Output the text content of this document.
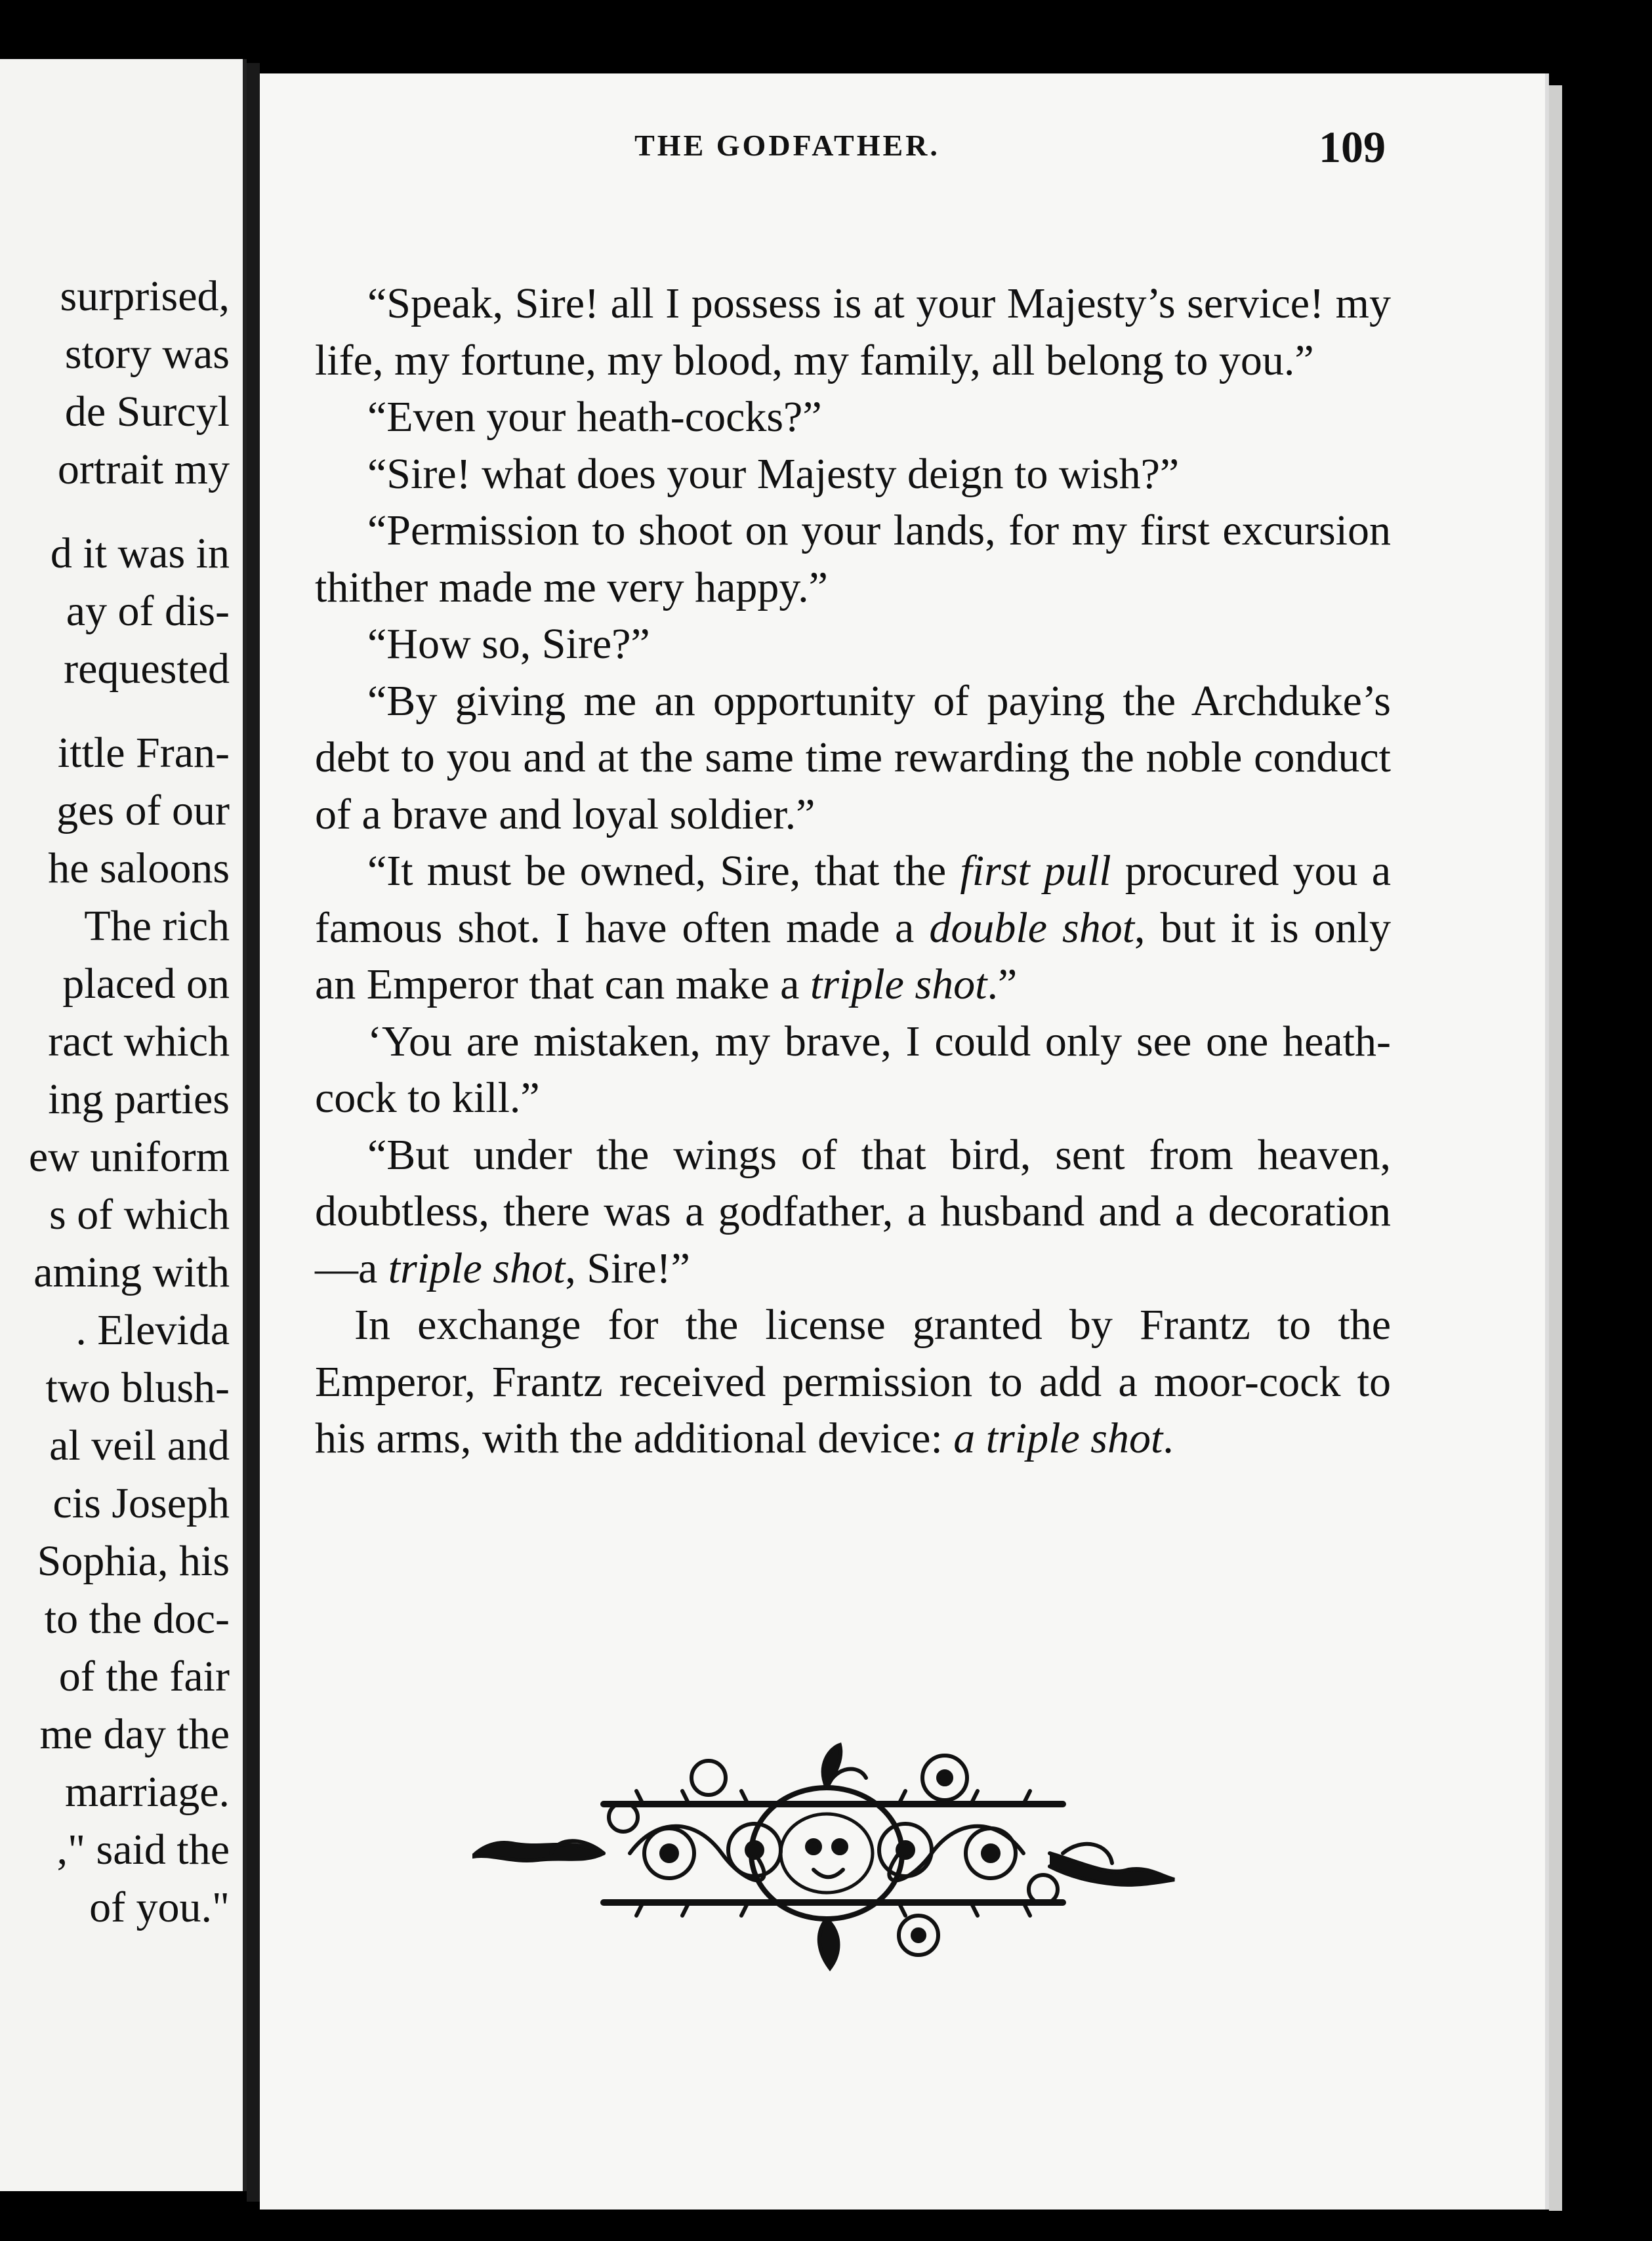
surprised,
story was
de Surcyl
ortrait my
d it was in
ay of dis-
requested
ittle Fran-
ges of our
he saloons
The rich
placed on
ract which
ing parties
ew uniform
s of which
aming with
. Elevida
two blush-
al veil and
cis Joseph
Sophia, his
to the doc-
of the fair
me day the
marriage.
," said the
of you."
THE GODFATHER.	109

“Speak, Sire! all I possess is at your Majesty’s service! my life, my fortune, my blood, my family, all belong to you.”

“Even your heath-cocks?”

“Sire! what does your Majesty deign to wish?”

“Permission to shoot on your lands, for my first excursion thither made me very happy.”

“How so, Sire?”

“By giving me an opportunity of paying the Archduke’s debt to you and at the same time rewarding the noble conduct of a brave and loyal soldier.”

“It must be owned, Sire, that the first pull procured you a famous shot. I have often made a double shot, but it is only an Emperor that can make a triple shot.”

‘You are mistaken, my brave, I could only see one heath-cock to kill.”

“But under the wings of that bird, sent from heaven, doubtless, there was a godfather, a husband and a decoration—a triple shot, Sire!”

In exchange for the license granted by Frantz to the Emperor, Frantz received permission to add a moor-cock to his arms, with the additional device: a triple shot.
